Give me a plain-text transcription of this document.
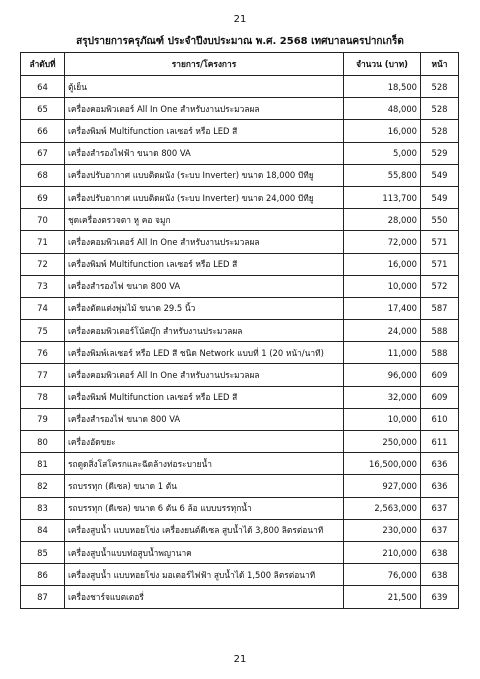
21
สรุปรายการครุภัณฑ์ ประจำปีงบประมาณ พ.ศ. 2568 เทศบาลนครปากเกร็ด
ลำดับที่	รายการ/โครงการ	จำนวน (บาท)	หน้า
64	ตู้เย็น	18,500	528
65	เครื่องคอมพิวเตอร์ All In One สำหรับงานประมวลผล	48,000	528
66	เครื่องพิมพ์ Multifunction เลเซอร์ หรือ LED สี	16,000	528
67	เครื่องสำรองไฟฟ้า ขนาด 800 VA	5,000	529
68	เครื่องปรับอากาศ แบบติดผนัง (ระบบ Inverter) ขนาด 18,000 บีทียู	55,800	549
69	เครื่องปรับอากาศ แบบติดผนัง (ระบบ Inverter) ขนาด 24,000 บีทียู	113,700	549
70	ชุดเครื่องตรวจตา หู คอ จมูก	28,000	550
71	เครื่องคอมพิวเตอร์ All In One สำหรับงานประมวลผล	72,000	571
72	เครื่องพิมพ์ Multifunction เลเซอร์ หรือ LED สี	16,000	571
73	เครื่องสำรองไฟ ขนาด 800 VA	10,000	572
74	เครื่องตัดแต่งพุ่มไม้ ขนาด 29.5 นิ้ว	17,400	587
75	เครื่องคอมพิวเตอร์โน้ตบุ๊ก สำหรับงานประมวลผล	24,000	588
76	เครื่องพิมพ์เลเซอร์ หรือ LED สี ชนิด Network แบบที่ 1 (20 หน้า/นาที)	11,000	588
77	เครื่องคอมพิวเตอร์ All In One สำหรับงานประมวลผล	96,000	609
78	เครื่องพิมพ์ Multifunction เลเซอร์ หรือ LED สี	32,000	609
79	เครื่องสำรองไฟ ขนาด 800 VA	10,000	610
80	เครื่องอัดขยะ	250,000	611
81	รถดูดสิ่งโสโครกและฉีดล้างท่อระบายน้ำ	16,500,000	636
82	รถบรรทุก (ดีเซล) ขนาด 1 ตัน	927,000	636
83	รถบรรทุก (ดีเซล) ขนาด 6 ตัน 6 ล้อ แบบบรรทุกน้ำ	2,563,000	637
84	เครื่องสูบน้ำ แบบหอยโข่ง เครื่องยนต์ดีเซล สูบน้ำได้ 3,800 ลิตรต่อนาที	230,000	637
85	เครื่องสูบน้ำแบบท่อสูบน้ำพญานาค	210,000	638
86	เครื่องสูบน้ำ แบบหอยโข่ง มอเตอร์ไฟฟ้า สูบน้ำได้ 1,500 ลิตรต่อนาที	76,000	638
87	เครื่องชาร์จแบตเตอรี่	21,500	639
21
